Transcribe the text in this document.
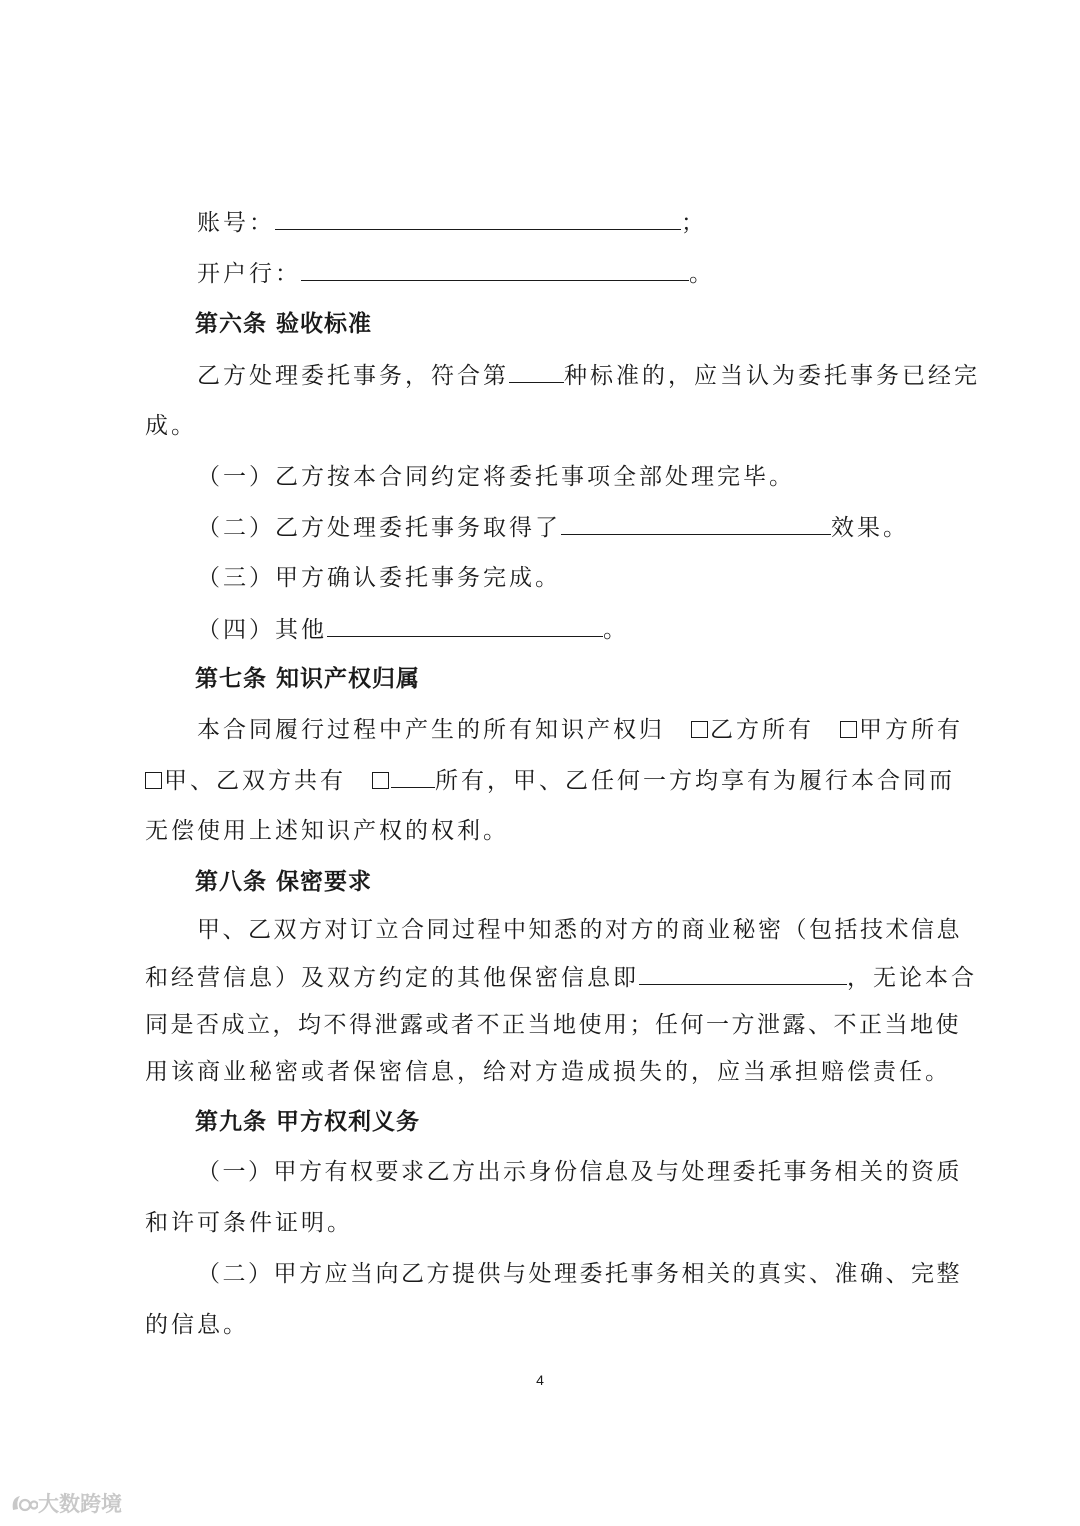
账号：	；
开户行：	。
第六条 验收标准
乙方处理委托事务，符合第 种标准的，应当认为委托事务已经完
成。
（一）乙方按本合同约定将委托事项全部处理完毕。
（二）乙方处理委托事务取得了	效果。
（三）甲方确认委托事务完成。
（四）其他	。
第七条 知识产权归属
本合同履行过程中产生的所有知识产权归 乙方所有 甲方所有
甲、乙双方共有	所有，甲、乙任何一方均享有为履行本合同而
无偿使用上述知识产权的权利。
第八条 保密要求
甲、乙双方对订立合同过程中知悉的对方的商业秘密（包括技术信息
和经营信息）及双方约定的其他保密信息即	，无论本合
同是否成立，均不得泄露或者不正当地使用；任何一方泄露、不正当地使
用该商业秘密或者保密信息，给对方造成损失的，应当承担赔偿责任。
第九条 甲方权利义务
（一）甲方有权要求乙方出示身份信息及与处理委托事务相关的资质
和许可条件证明。
（二）甲方应当向乙方提供与处理委托事务相关的真实、准确、完整
的信息。
4
大数跨境
